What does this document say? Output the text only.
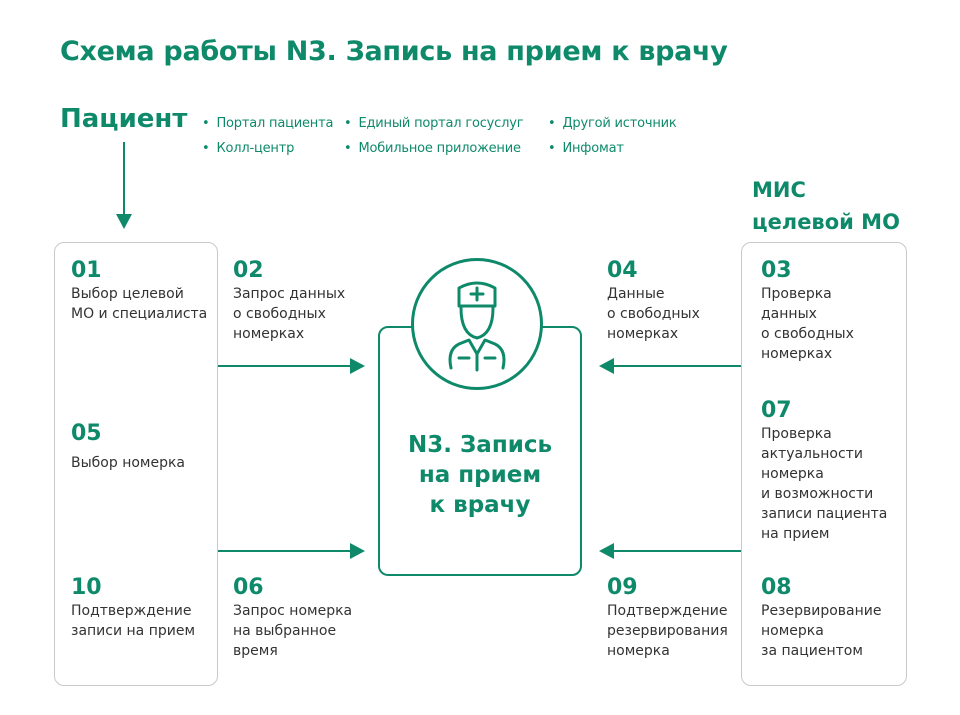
Схема работы N3. Запись на прием к врачу
Пациент	• Портал пациента	• Единый портал госуслуг	• Другой источник
• Колл-центр	• Мобильное приложение	• Инфомат
МИС
целевой МО
N3. Запись
на прием
к врачу
01
Выбор целевой
МО и специалиста
05
Выбор номерка
10
Подтверждение
записи на прием
02
Запрос данных
о свободных
номерках
06
Запрос номерка
на выбранное
время
04
Данные
о свободных
номерках
09
Подтверждение
резервирования
номерка
03
Проверка
данных
о свободных
номерках
07
Проверка
актуальности
номерка
и возможности
записи пациента
на прием
08
Резервирование
номерка
за пациентом
